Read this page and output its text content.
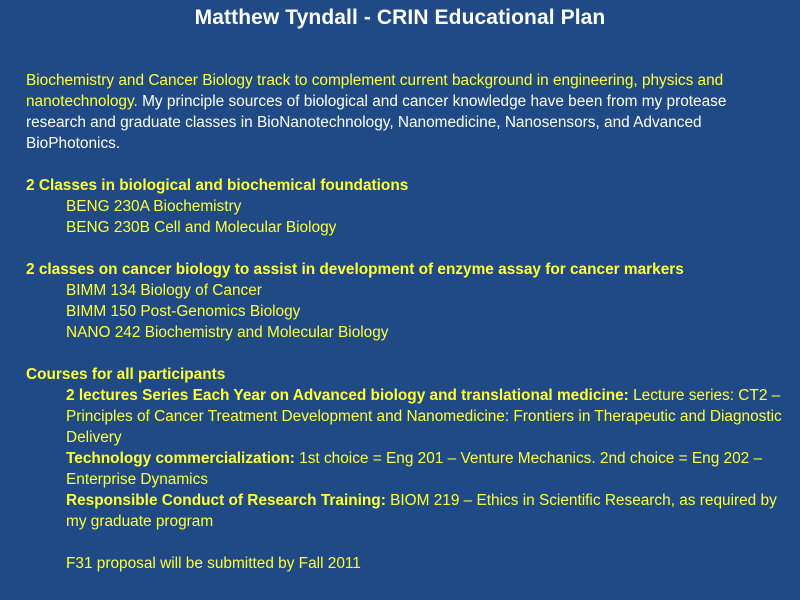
Matthew Tyndall - CRIN Educational Plan
Biochemistry and Cancer Biology track to complement current background in engineering, physics and nanotechnology. My principle sources of biological and cancer knowledge have been from my protease research and graduate classes in BioNanotechnology, Nanomedicine, Nanosensors, and Advanced BioPhotonics.
2 Classes in biological and biochemical foundations
BENG 230A Biochemistry
BENG 230B Cell and Molecular Biology
2 classes on cancer biology to assist in development of enzyme assay for cancer markers
BIMM 134 Biology of Cancer
BIMM 150 Post-Genomics Biology
NANO 242 Biochemistry and Molecular Biology
Courses for all participants
2 lectures Series Each Year on Advanced biology and translational medicine: Lecture series: CT2 – Principles of Cancer Treatment Development and Nanomedicine: Frontiers in Therapeutic and Diagnostic Delivery
Technology commercialization: 1st choice = Eng 201 – Venture Mechanics. 2nd choice = Eng 202 – Enterprise Dynamics
Responsible Conduct of Research Training: BIOM 219 – Ethics in Scientific Research, as required by my graduate program
F31 proposal will be submitted by Fall 2011
